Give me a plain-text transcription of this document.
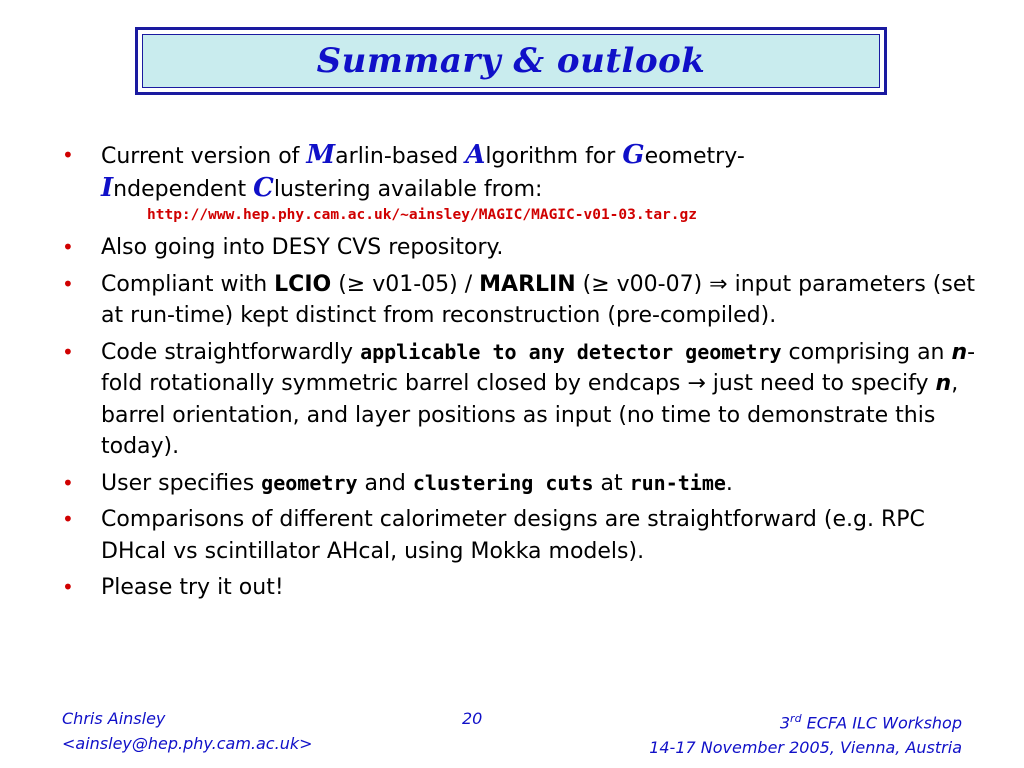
Summary & outlook
• Current version of Marlin-based Algorithm for Geometry-
Independent Clustering available from:
http://www.hep.phy.cam.ac.uk/~ainsley/MAGIC/MAGIC-v01-03.tar.gz
• Also going into DESY CVS repository.
• Compliant with LCIO (≥ v01-05) / MARLIN (≥ v00-07) ⇒ input parameters (set at run-time) kept distinct from reconstruction (pre-compiled).
• Code straightforwardly applicable to any detector geometry comprising an n-fold rotationally symmetric barrel closed by endcaps → just need to specify n, barrel orientation, and layer positions as input (no time to demonstrate this today).
• User specifies geometry and clustering cuts at run-time.
• Comparisons of different calorimeter designs are straightforward (e.g. RPC DHcal vs scintillator AHcal, using Mokka models).
• Please try it out!
Chris Ainsley
<ainsley@hep.phy.cam.ac.uk>
20	3rd ECFA ILC Workshop
14-17 November 2005, Vienna, Austria
